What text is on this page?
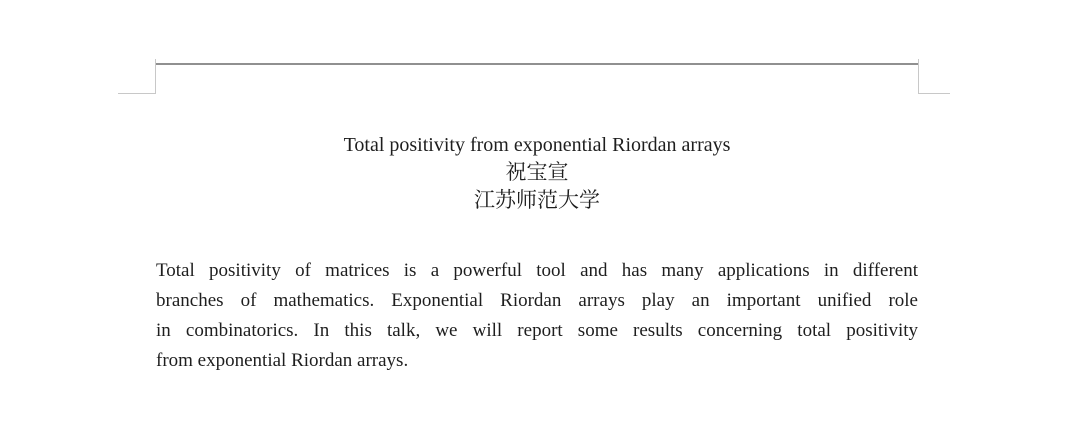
Total positivity from exponential Riordan arrays
祝宝宣
江苏师范大学
Total positivity of matrices is a powerful tool and has many applications in different
branches of mathematics. Exponential Riordan arrays play an important unified role
in combinatorics. In this talk, we will report some results concerning total positivity
from exponential Riordan arrays.
